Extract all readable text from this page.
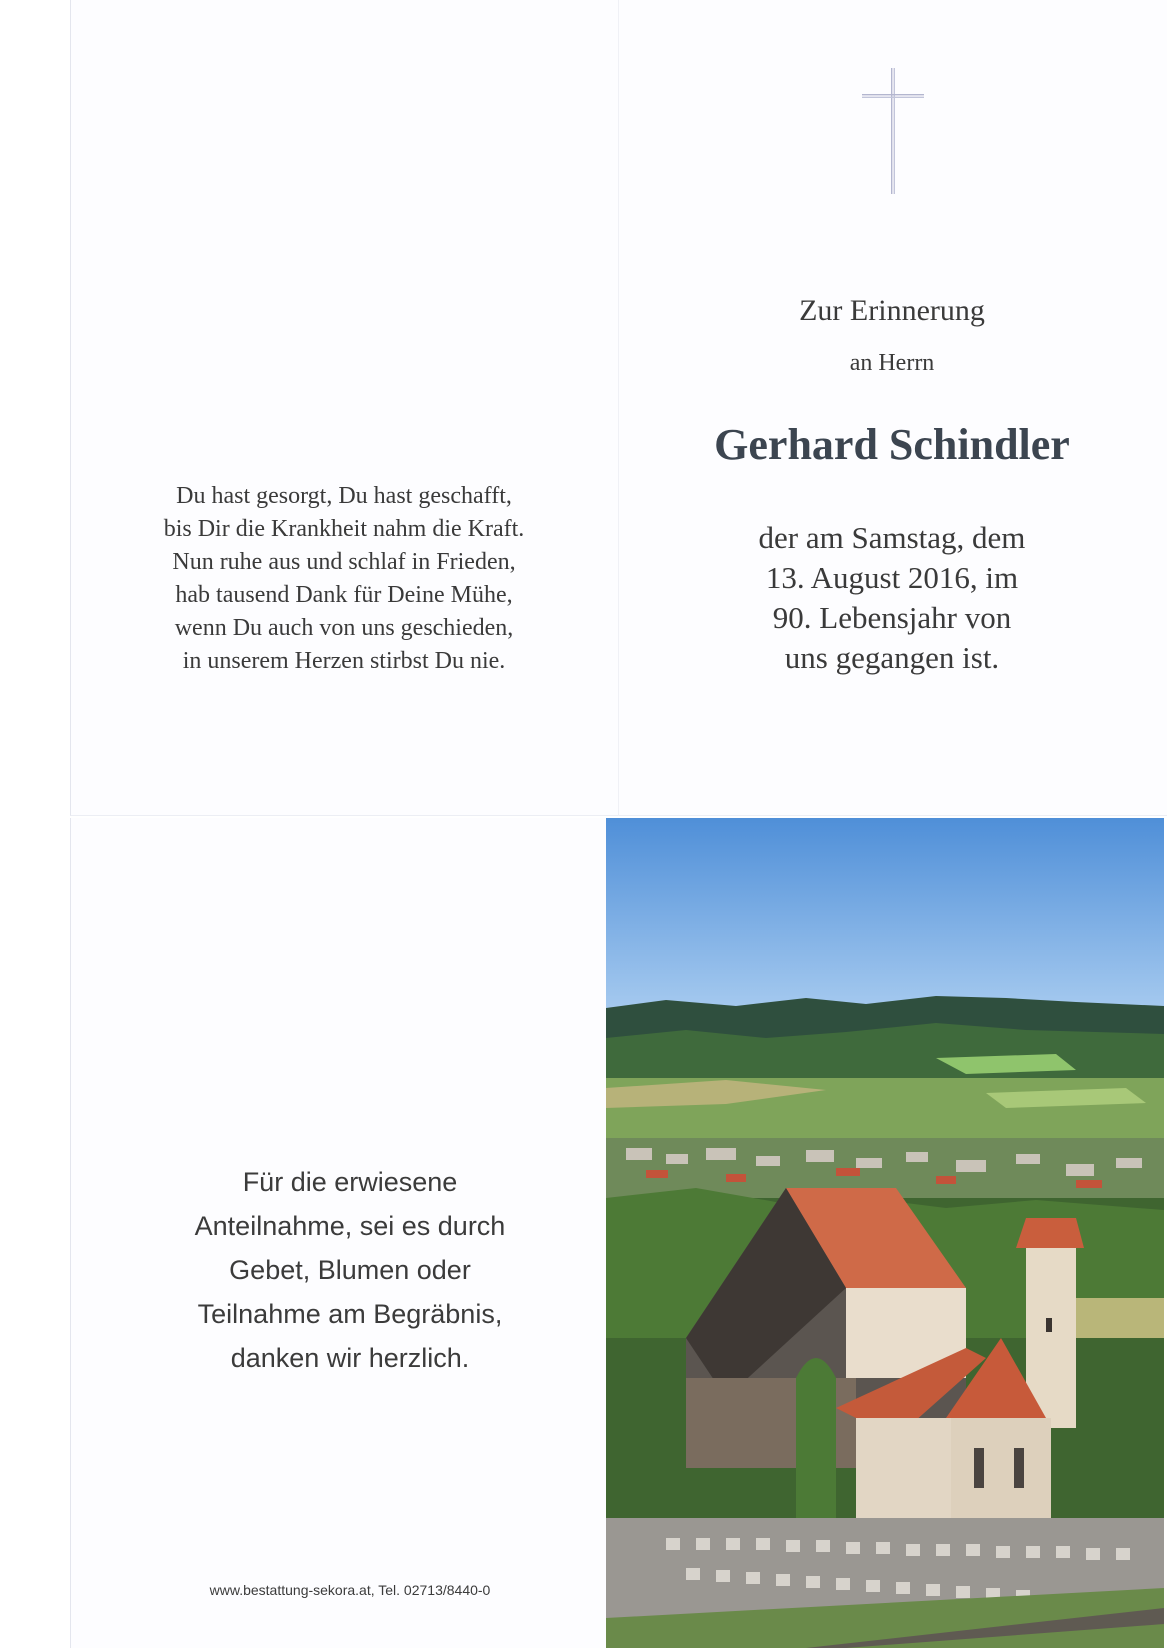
Zur Erinnerung
an Herrn
Gerhard Schindler
der am Samstag, dem
13. August 2016, im
90. Lebensjahr von
uns gegangen ist.
Du hast gesorgt, Du hast geschafft,
bis Dir die Krankheit nahm die Kraft.
Nun ruhe aus und schlaf in Frieden,
hab tausend Dank für Deine Mühe,
wenn Du auch von uns geschieden,
in unserem Herzen stirbst Du nie.
Für die erwiesene
Anteilnahme, sei es durch
Gebet, Blumen oder
Teilnahme am Begräbnis,
danken wir herzlich.
www.bestattung-sekora.at, Tel. 02713/8440-0
